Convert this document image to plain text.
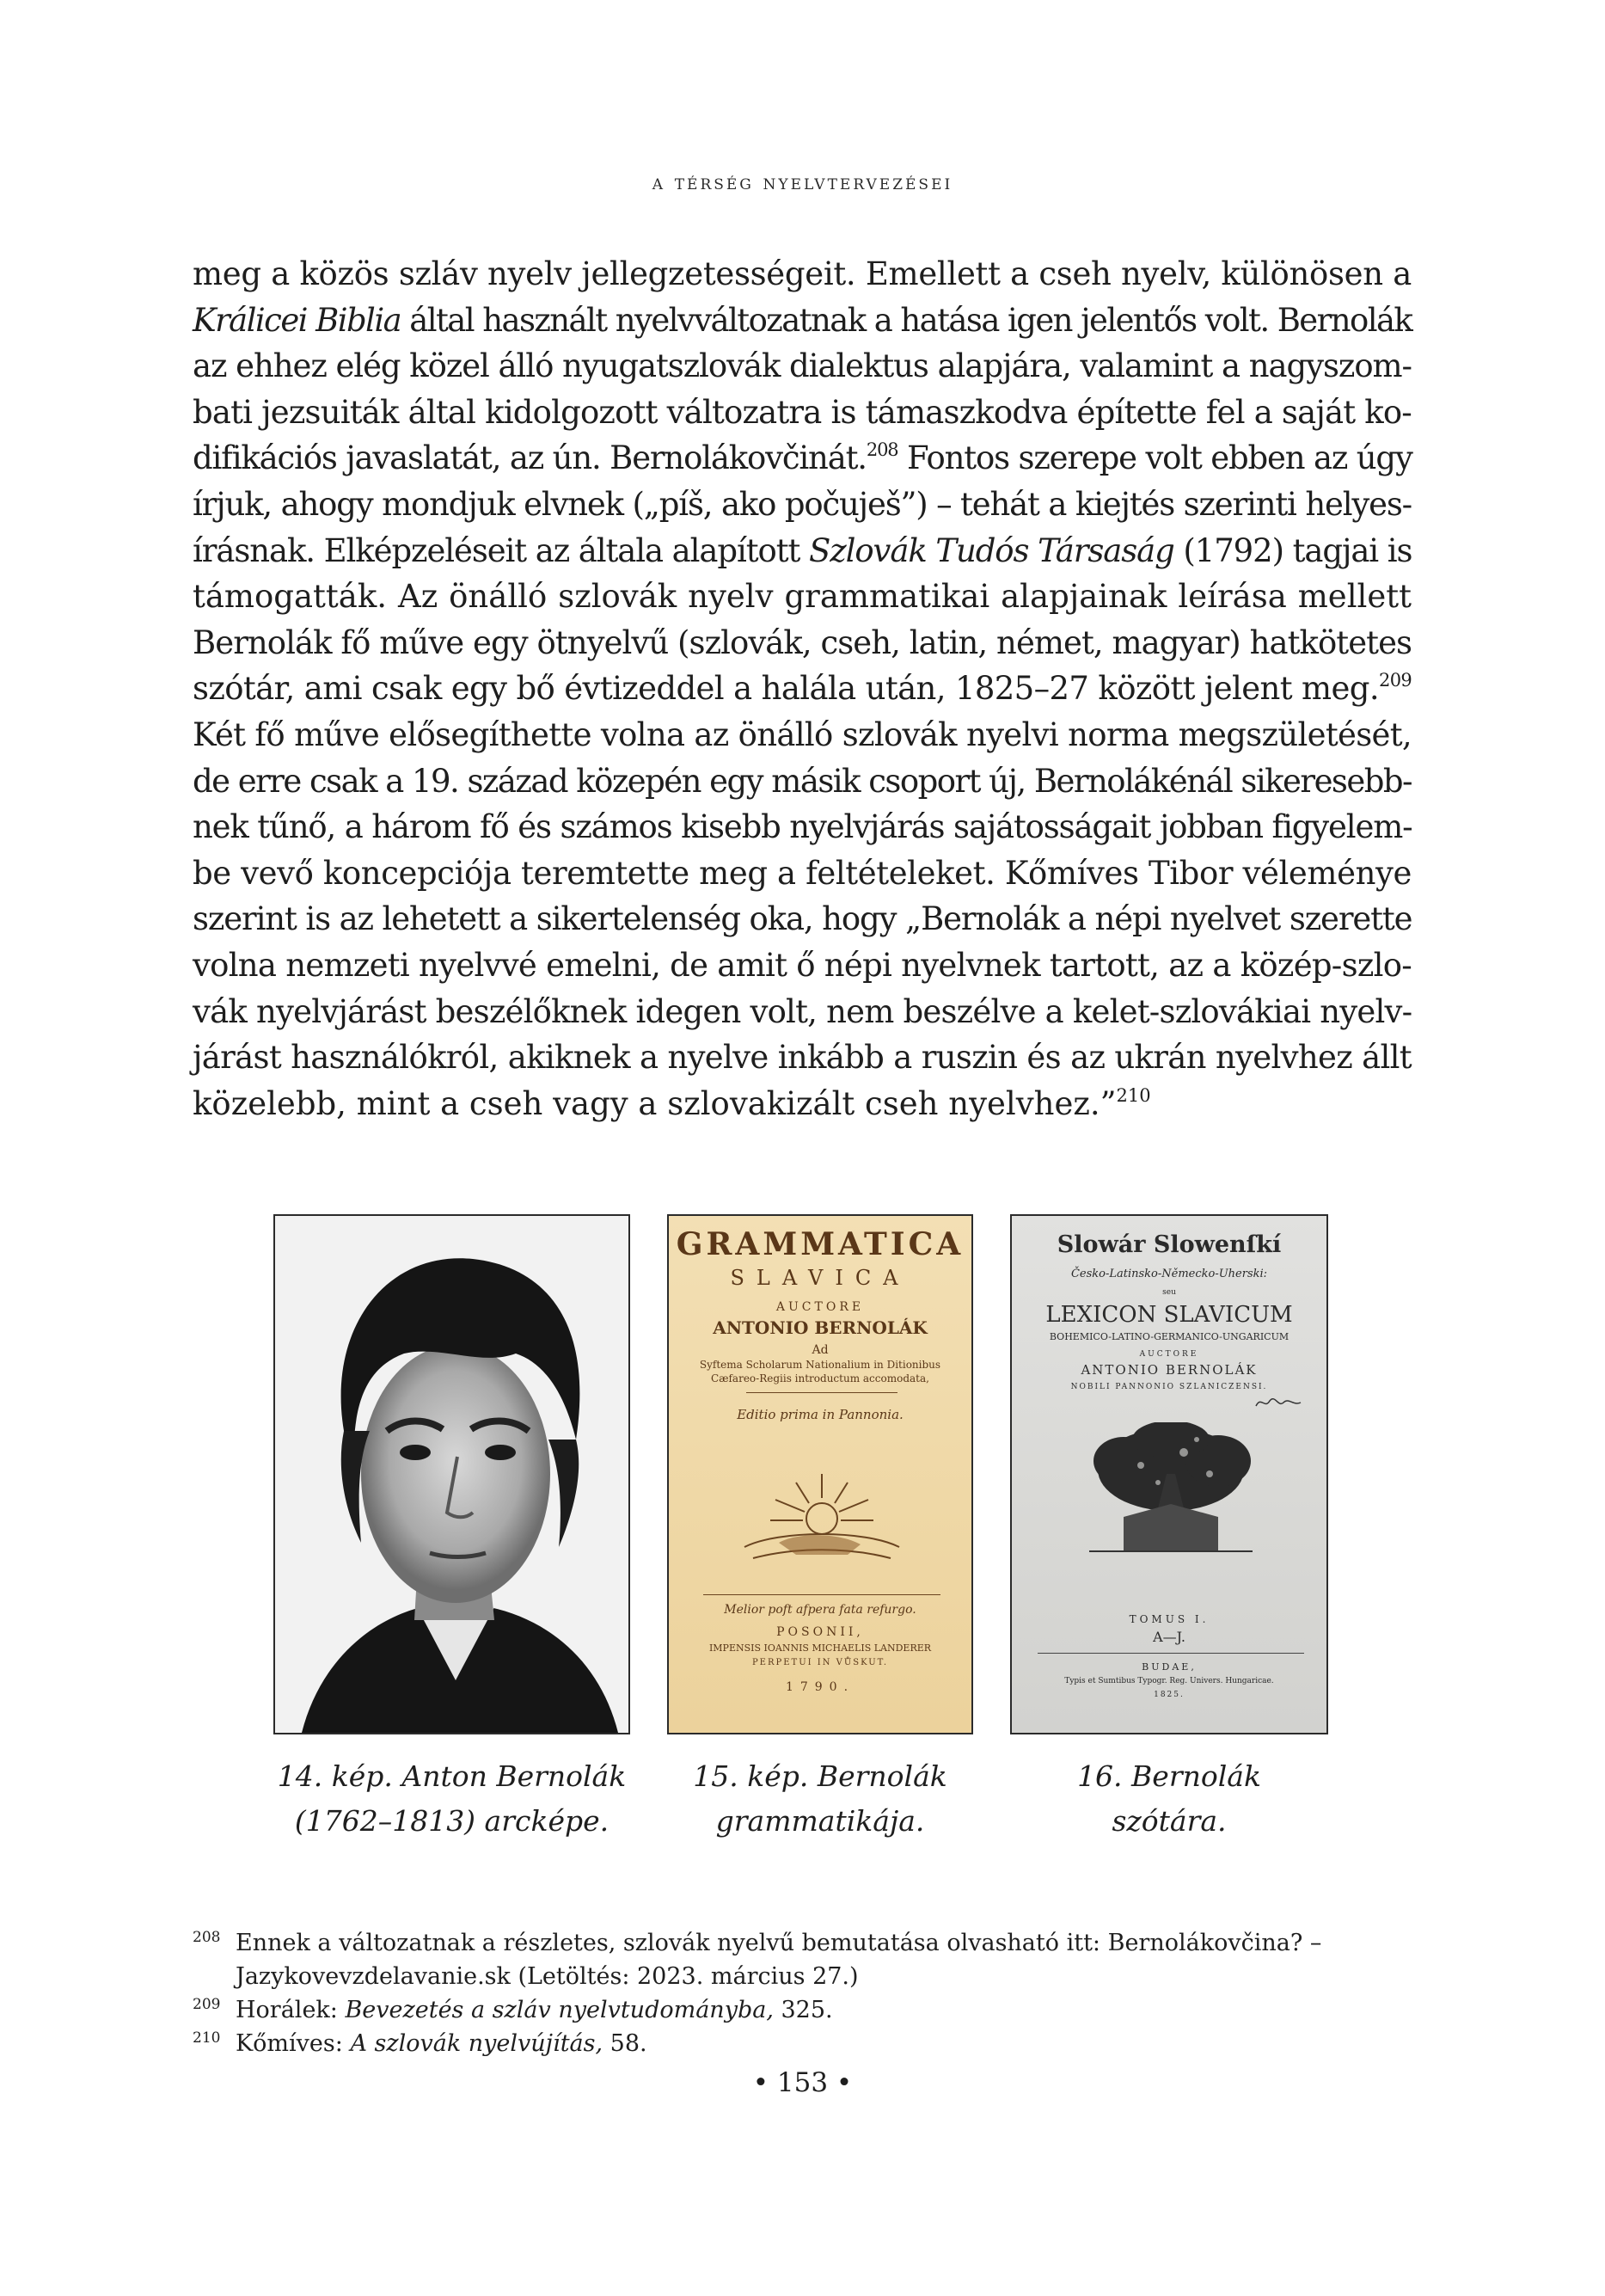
a térség nyelvtervezései
meg a közös szláv nyelv jellegzetességeit. Emellett a cseh nyelv, különösen a
Králicei Biblia által használt nyelvváltozatnak a hatása igen jelentős volt. Bernolák
az ehhez elég közel álló nyugatszlovák dialektus alapjára, valamint a nagyszom-
bati jezsuiták által kidolgozott változatra is támaszkodva építette fel a saját ko-
difikációs javaslatát, az ún. Bernolákovčinát.$^{208}$ Fontos szerepe volt ebben az úgy
írjuk, ahogy mondjuk elvnek („píš, ako počuješ”) – tehát a kiejtés szerinti helyes-
írásnak. Elképzeléseit az általa alapított Szlovák Tudós Társaság (1792) tagjai is
támogatták. Az önálló szlovák nyelv grammatikai alapjainak leírása mellett
Bernolák fő műve egy ötnyelvű (szlovák, cseh, latin, német, magyar) hatkötetes
szótár, ami csak egy bő évtizeddel a halála után, 1825–27 között jelent meg.$^{209}$
Két fő műve elősegíthette volna az önálló szlovák nyelvi norma megszületését,
de erre csak a 19. század közepén egy másik csoport új, Bernolákénál sikeresebb-
nek tűnő, a három fő és számos kisebb nyelvjárás sajátosságait jobban figyelem-
be vevő koncepciója teremtette meg a feltételeket. Kőmíves Tibor véleménye
szerint is az lehetett a sikertelenség oka, hogy „Bernolák a népi nyelvet szerette
volna nemzeti nyelvvé emelni, de amit ő népi nyelvnek tartott, az a közép-szlo-
vák nyelvjárást beszélőknek idegen volt, nem beszélve a kelet-szlovákiai nyelv-
járást használókról, akiknek a nyelve inkább a ruszin és az ukrán nyelvhez állt
közelebb, mint a cseh vagy a szlovakizált cseh nyelvhez.”$^{210}$
GRAMMATICA
SLAVICA
AUCTORE
ANTONIO BERNOLÁK
Ad
Syftema Scholarum Nationalium in Ditionibus
Cæfareo-Regiis introductum accomodata,
Editio prima in Pannonia.
Melior poft afpera fata refurgo.
POSONII,
IMPENSIS IOANNIS MICHAELIS LANDERER
PERPETUI IN VŮSKUT.
1790.
Slowár Slowenſkí
Česko-Latinsko-Německo-Uherski:
seu
LEXICON SLAVICUM
BOHEMICO-LATINO-GERMANICO-UNGARICUM
AUCTORE
ANTONIO BERNOLÁK
NOBILI PANNONIO SZLANICZENSI.
TOMUS I.
A—J.
BUDAE,
Typis et Sumtibus Typogr. Reg. Univers. Hungaricae.
1825.
14. kép. Anton Bernolák
(1762–1813) arcképe.
15. kép. Bernolák
grammatikája.
16. Bernolák
szótára.
208 Ennek a változatnak a részletes, szlovák nyelvű bemutatása olvasható itt: Bernolákovčina? –
Jazykovevzdelavanie.sk (Letöltés: 2023. március 27.)
209 Horálek: Bevezetés a szláv nyelvtudományba, 325.
210 Kőmíves: A szlovák nyelvújítás, 58.
• 153 •
